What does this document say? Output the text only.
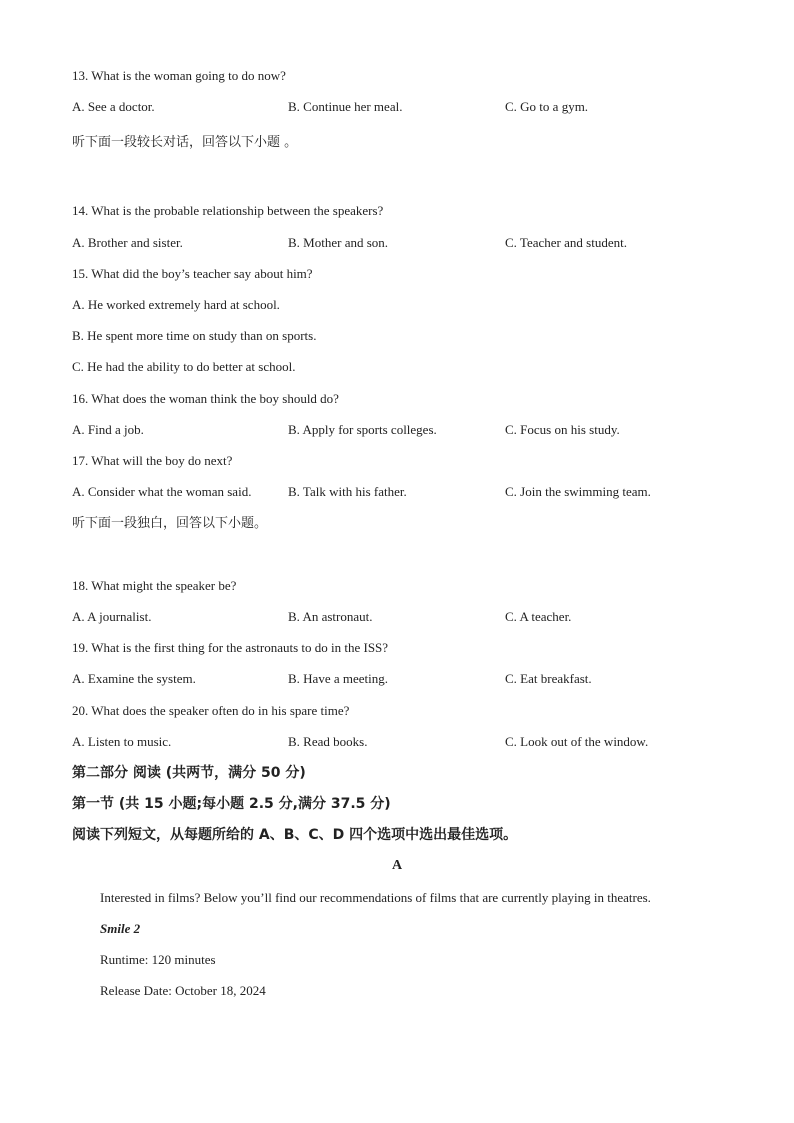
13. What is the woman going to do now?
A. See a doctor.	B. Continue her meal.	C. Go to a gym.
听下面一段较长对话，回答以下小题 。
14. What is the probable relationship between the speakers?
A. Brother and sister.	B. Mother and son.	C. Teacher and student.
15. What did the boy’s teacher say about him?
A. He worked extremely hard at school.
B. He spent more time on study than on sports.
C. He had the ability to do better at school.
16. What does the woman think the boy should do?
A. Find a job.	B. Apply for sports colleges.	C. Focus on his study.
17. What will the boy do next?
A. Consider what the woman said.	B. Talk with his father.	C. Join the swimming team.
听下面一段独白，回答以下小题。
18. What might the speaker be?
A. A journalist.	B. An astronaut.	C. A teacher.
19. What is the first thing for the astronauts to do in the ISS?
A. Examine the system.	B. Have a meeting.	C. Eat breakfast.
20. What does the speaker often do in his spare time?
A. Listen to music.	B. Read books.	C. Look out of the window.
第二部分 阅读 (共两节，满分 50 分)
第一节 (共 15 小题;每小题 2.5 分,满分 37.5 分)
阅读下列短文，从每题所给的 A、B、C、D 四个选项中选出最佳选项。
A
Interested in films? Below you’ll find our recommendations of films that are currently playing in theatres.
Smile 2
Runtime: 120 minutes
Release Date: October 18, 2024
